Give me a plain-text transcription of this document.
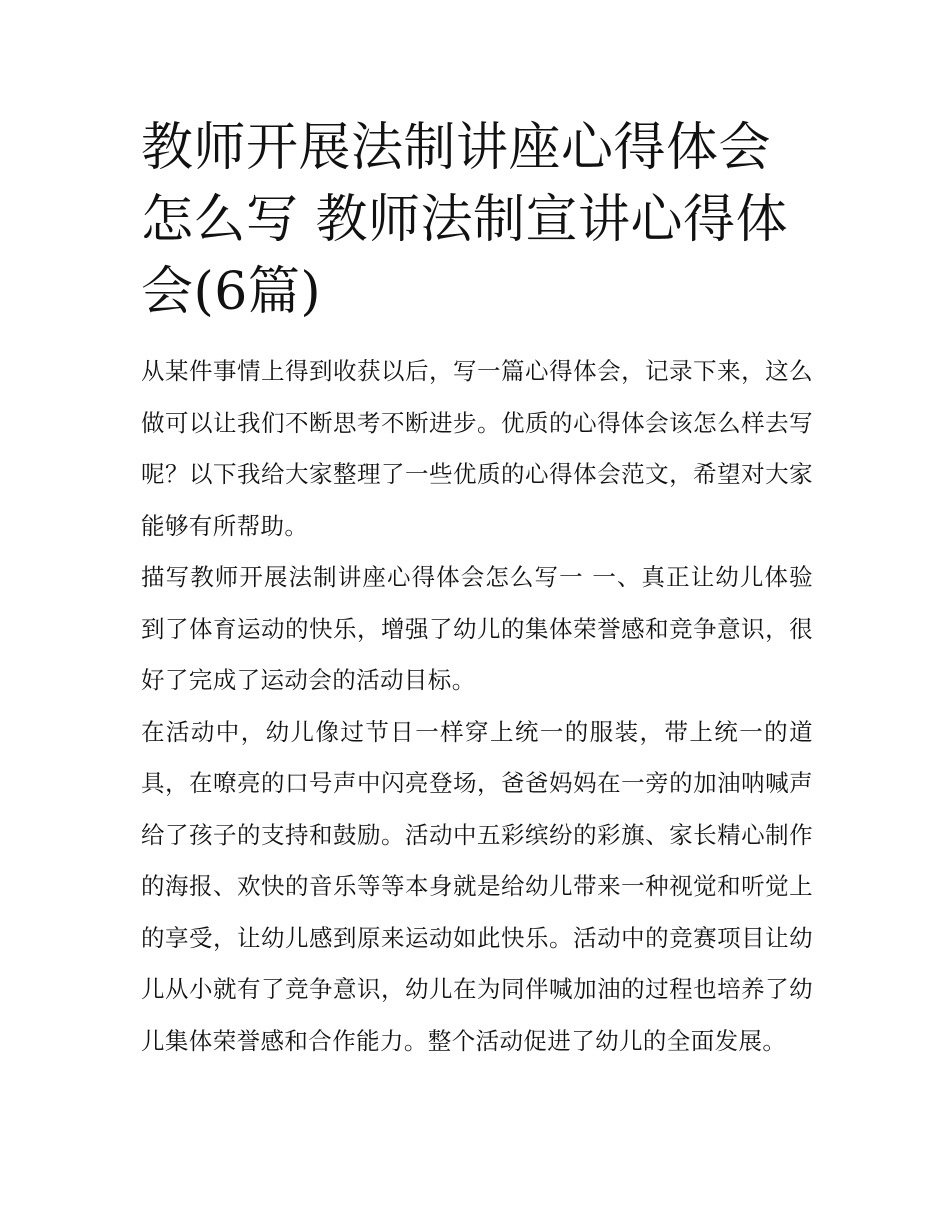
教师开展法制讲座心得体会怎么写 教师法制宣讲心得体会(6篇)

从某件事情上得到收获以后，写一篇心得体会，记录下来，这么做可以让我们不断思考不断进步。优质的心得体会该怎么样去写呢？以下我给大家整理了一些优质的心得体会范文，希望对大家能够有所帮助。

描写教师开展法制讲座心得体会怎么写一 一、真正让幼儿体验到了体育运动的快乐，增强了幼儿的集体荣誉感和竞争意识，很好了完成了运动会的活动目标。

在活动中，幼儿像过节日一样穿上统一的服装，带上统一的道具，在嘹亮的口号声中闪亮登场，爸爸妈妈在一旁的加油呐喊声给了孩子的支持和鼓励。活动中五彩缤纷的彩旗、家长精心制作的海报、欢快的音乐等等本身就是给幼儿带来一种视觉和听觉上的享受，让幼儿感到原来运动如此快乐。活动中的竞赛项目让幼儿从小就有了竞争意识，幼儿在为同伴喊加油的过程也培养了幼儿集体荣誉感和合作能力。整个活动促进了幼儿的全面发展。
